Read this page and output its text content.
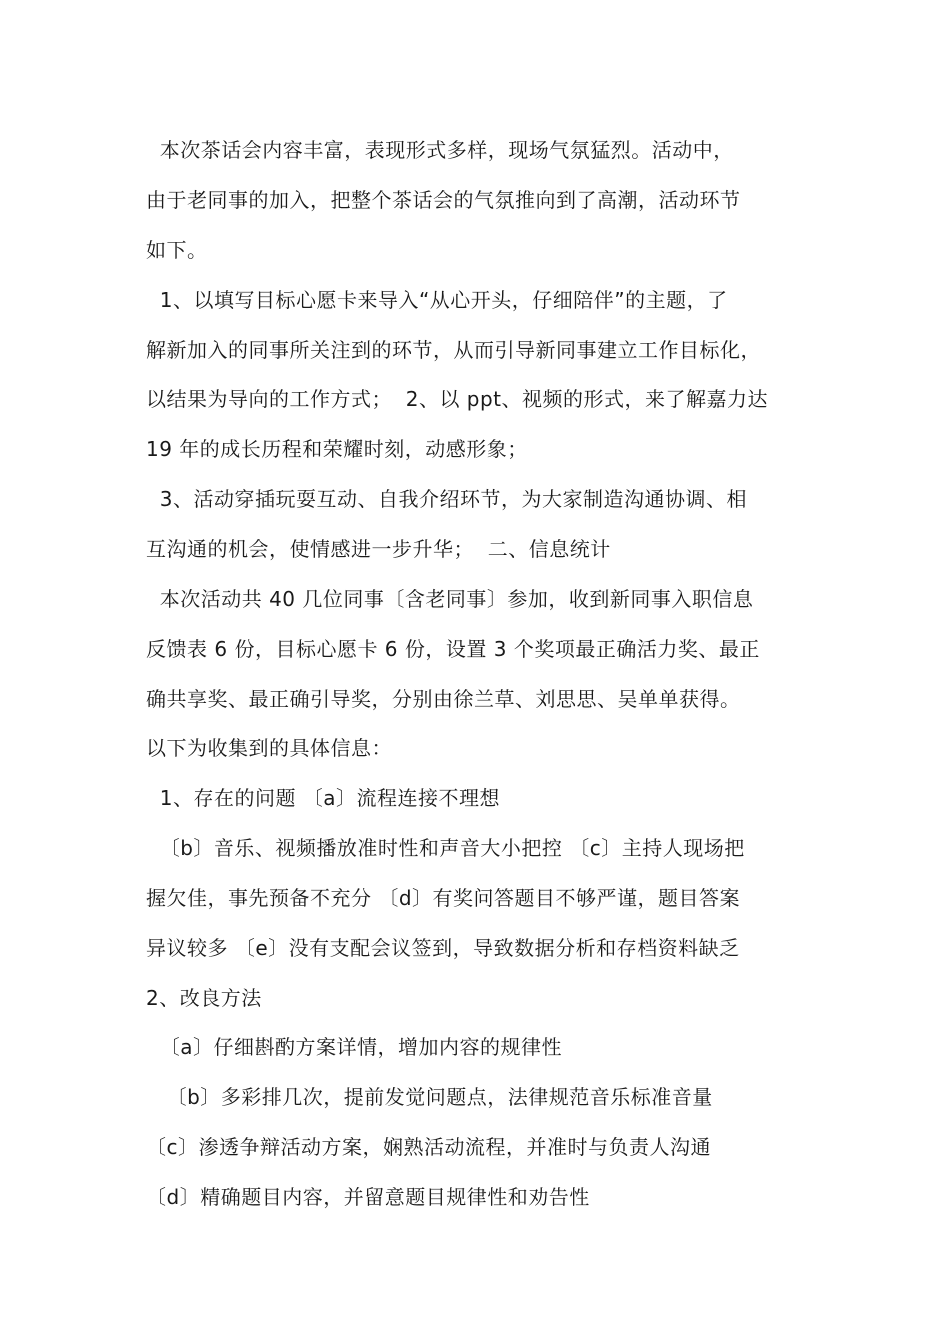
本次茶话会内容丰富，表现形式多样，现场气氛猛烈。活动中，
由于老同事的加入，把整个茶话会的气氛推向到了高潮，活动环节
如下。
1、以填写目标心愿卡来导入“从心开头，仔细陪伴”的主题，了
解新加入的同事所关注到的环节，从而引导新同事建立工作目标化，
以结果为导向的工作方式；  2、以 ppt、视频的形式，来了解嘉力达
19 年的成长历程和荣耀时刻，动感形象；
3、活动穿插玩耍互动、自我介绍环节，为大家制造沟通协调、相
互沟通的机会，使情感进一步升华；  二、信息统计
本次活动共 40 几位同事〔含老同事〕参加，收到新同事入职信息
反馈表 6 份，目标心愿卡 6 份，设置 3 个奖项最正确活力奖、最正
确共享奖、最正确引导奖，分别由徐兰草、刘思思、吴单单获得。
以下为收集到的具体信息：
1、存在的问题 〔a〕流程连接不理想
〔b〕音乐、视频播放准时性和声音大小把控 〔c〕主持人现场把
握欠佳，事先预备不充分 〔d〕有奖问答题目不够严谨，题目答案
异议较多 〔e〕没有支配会议签到，导致数据分析和存档资料缺乏
2、改良方法
〔a〕仔细斟酌方案详情，增加内容的规律性
〔b〕多彩排几次，提前发觉问题点，法律规范音乐标准音量
〔c〕渗透争辩活动方案，娴熟活动流程，并准时与负责人沟通
〔d〕精确题目内容，并留意题目规律性和劝告性
